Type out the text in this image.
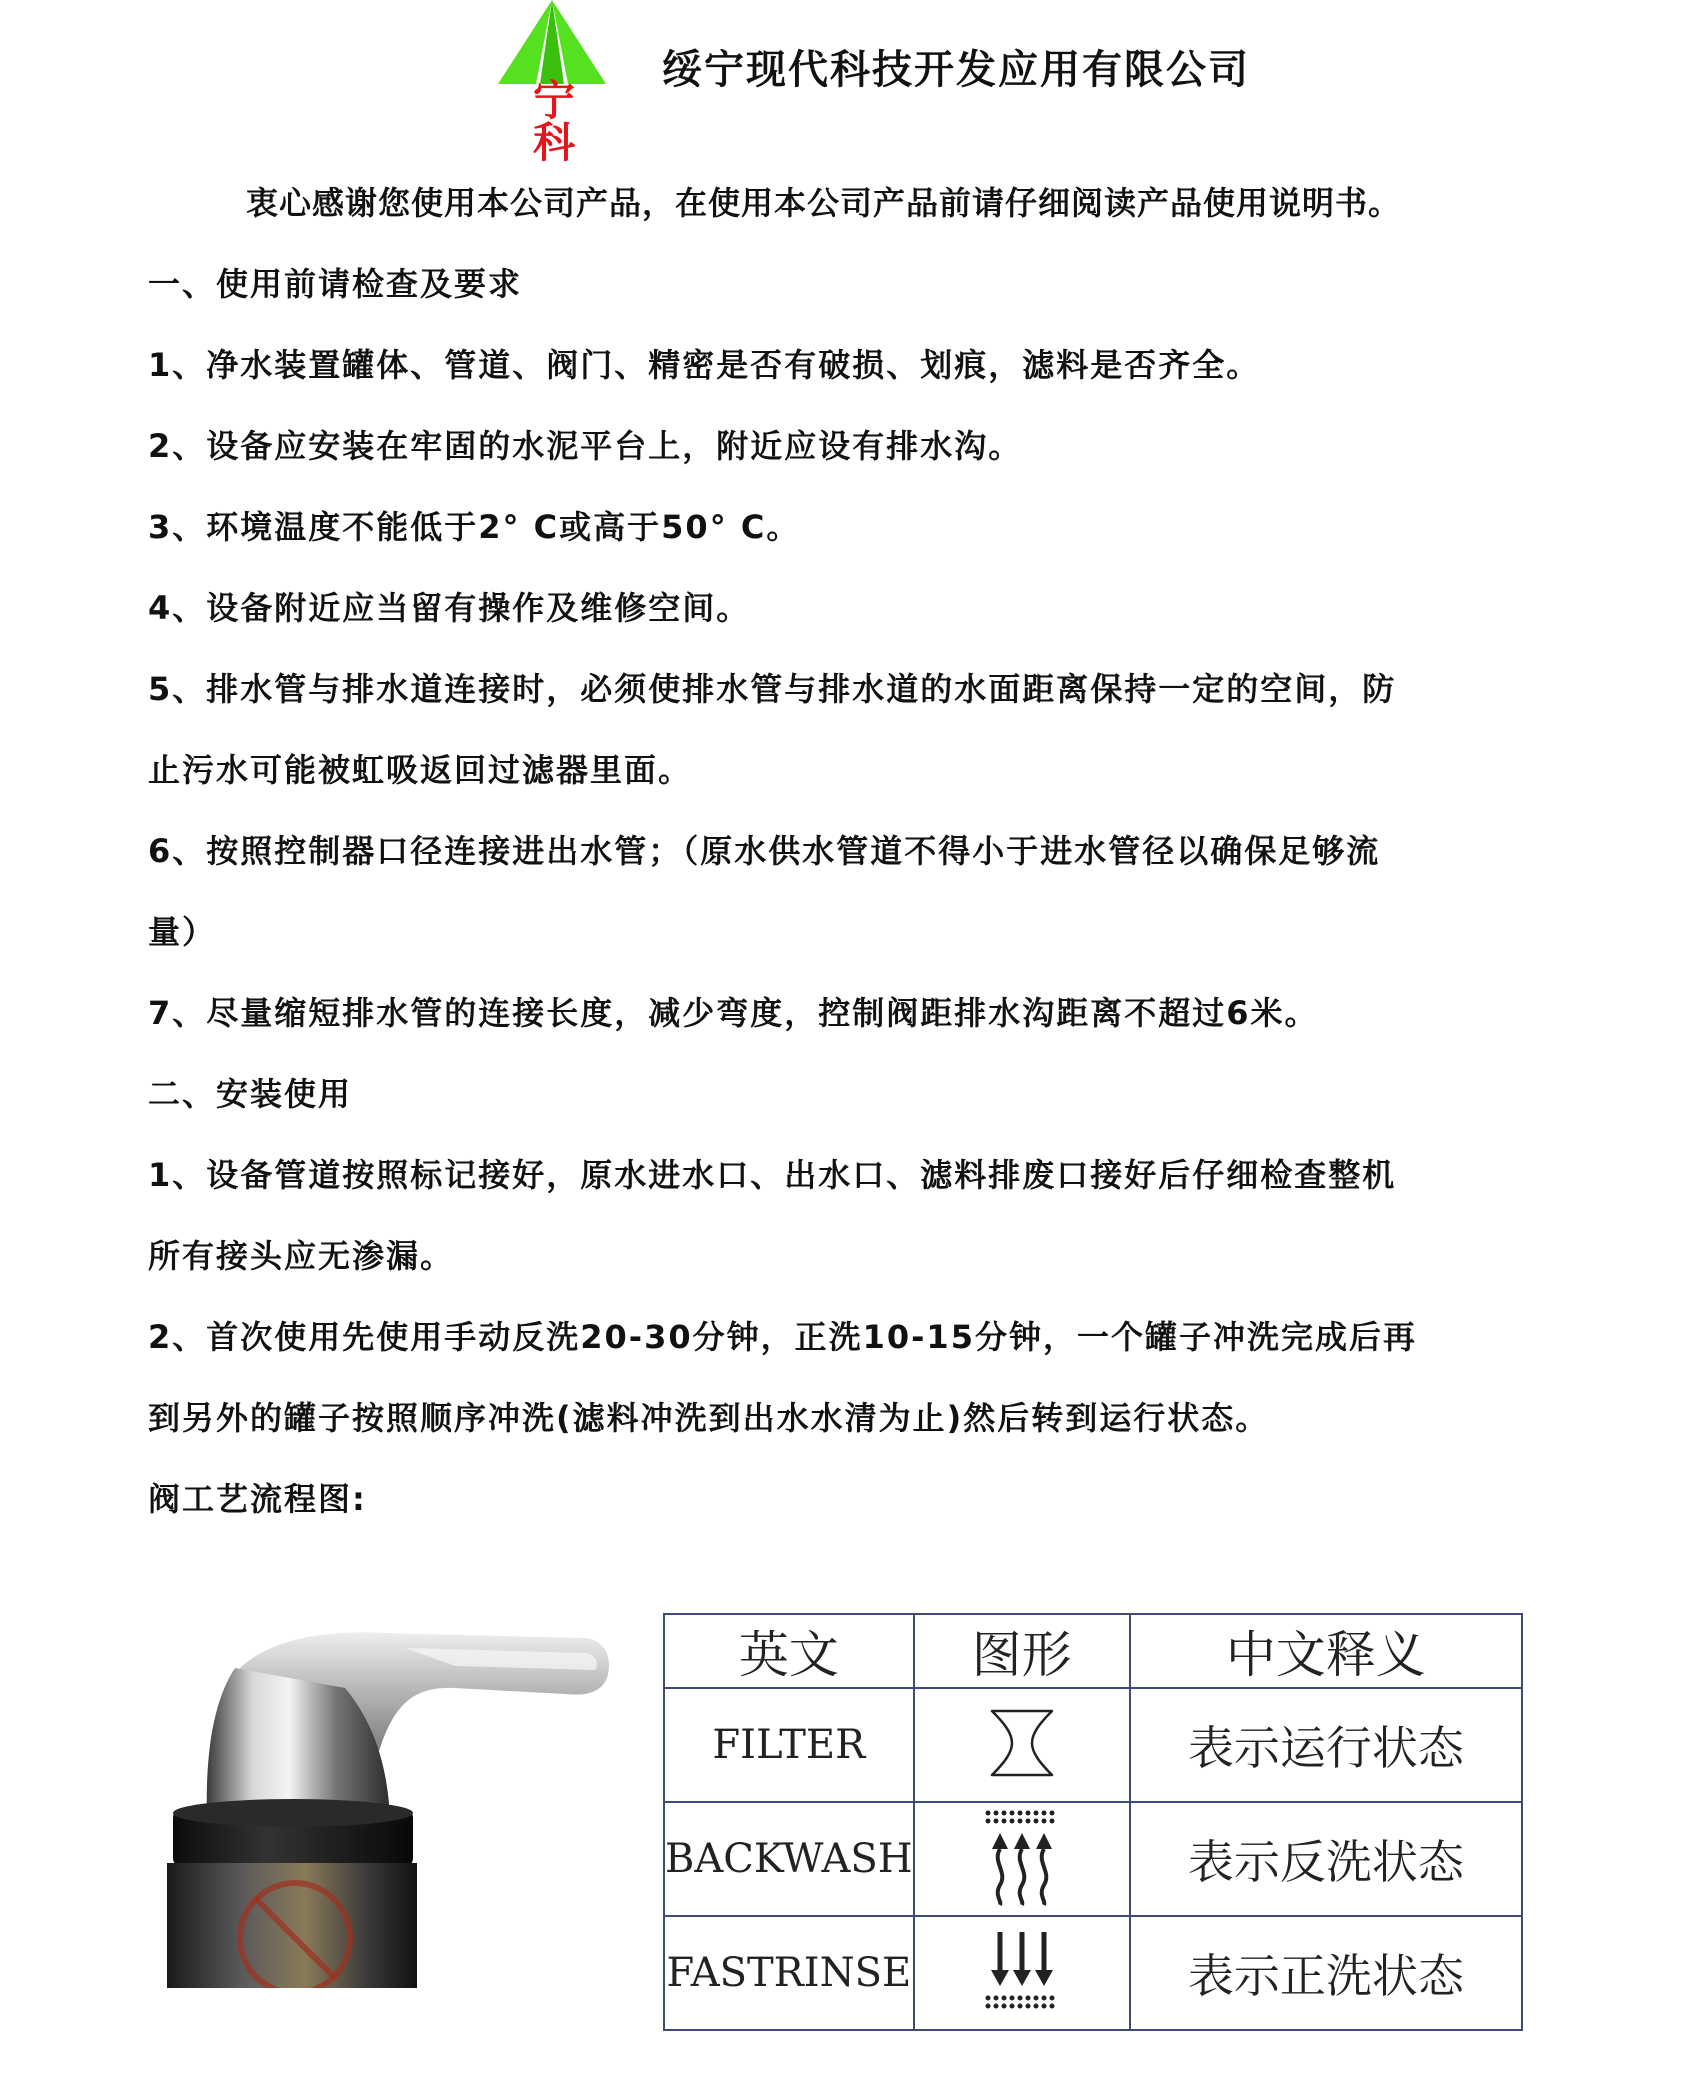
宁科
绥宁现代科技开发应用有限公司
衷心感谢您使用本公司产品，在使用本公司产品前请仔细阅读产品使用说明书。
一、使用前请检查及要求
1、净水装置罐体、管道、阀门、精密是否有破损、划痕，滤料是否齐全。
2、设备应安装在牢固的水泥平台上，附近应设有排水沟。
3、环境温度不能低于2° C或高于50° C。
4、设备附近应当留有操作及维修空间。
5、排水管与排水道连接时，必须使排水管与排水道的水面距离保持一定的空间，防
止污水可能被虹吸返回过滤器里面。
6、按照控制器口径连接进出水管；（原水供水管道不得小于进水管径以确保足够流
量）
7、尽量缩短排水管的连接长度，减少弯度，控制阀距排水沟距离不超过6米。
二、安装使用
1、设备管道按照标记接好，原水进水口、出水口、滤料排废口接好后仔细检查整机
所有接头应无渗漏。
2、首次使用先使用手动反洗20-30分钟，正洗10-15分钟，一个罐子冲洗完成后再
到另外的罐子按照顺序冲洗(滤料冲洗到出水水清为止)然后转到运行状态。
阀工艺流程图:
英文	图形	中文释义
FILTER		表示运行状态
BACKWASH		表示反洗状态
FASTRINSE		表示正洗状态
